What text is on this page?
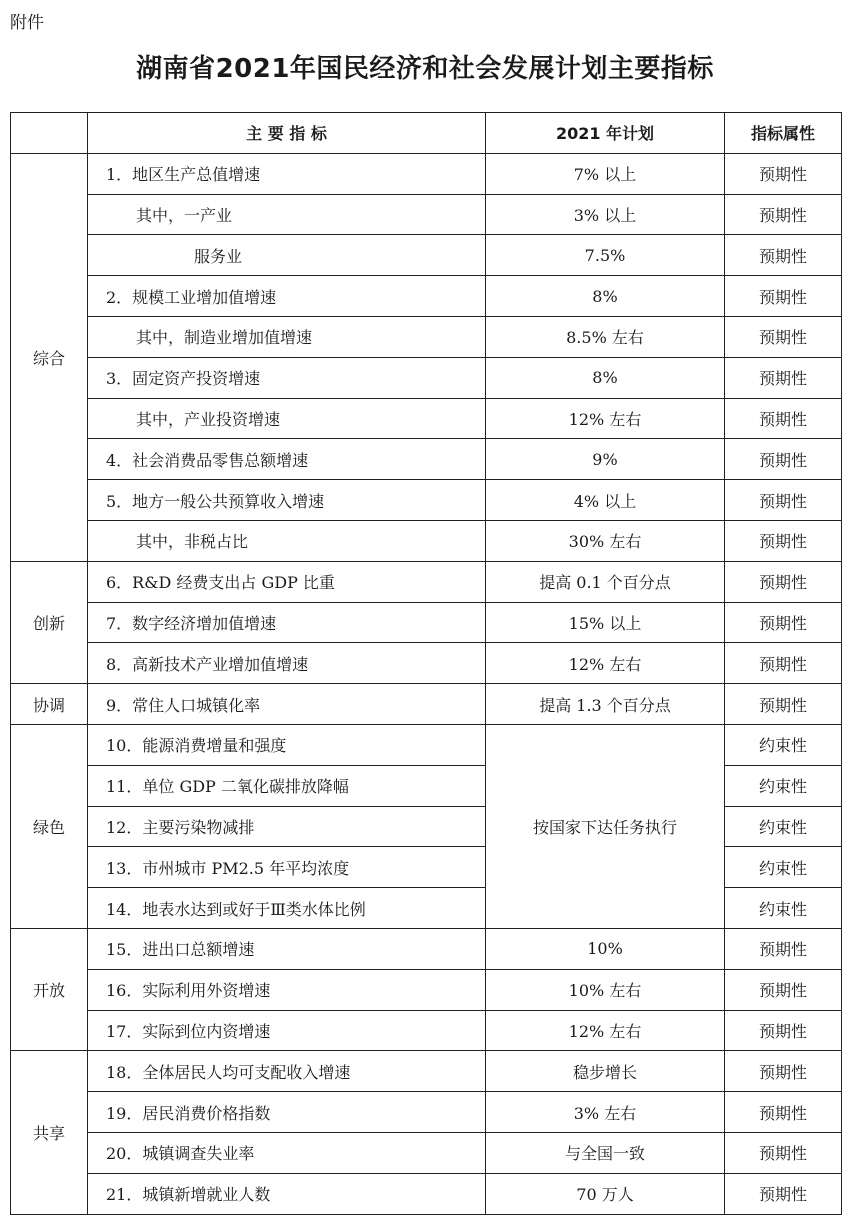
附件
湖南省2021年国民经济和社会发展计划主要指标
	主 要 指 标	2021 年计划	指标属性
综合	1．地区生产总值增速	7% 以上	预期性
	其中，一产业	3% 以上	预期性
	服务业	7.5%	预期性
	2．规模工业增加值增速	8%	预期性
	其中，制造业增加值增速	8.5% 左右	预期性
	3．固定资产投资增速	8%	预期性
	其中，产业投资增速	12% 左右	预期性
	4．社会消费品零售总额增速	9%	预期性
	5．地方一般公共预算收入增速	4% 以上	预期性
	其中，非税占比	30% 左右	预期性
创新	6．R&D 经费支出占 GDP 比重	提高 0.1 个百分点	预期性
	7．数字经济增加值增速	15% 以上	预期性
	8．高新技术产业增加值增速	12% 左右	预期性
协调	9．常住人口城镇化率	提高 1.3 个百分点	预期性
绿色	10．能源消费增量和强度	按国家下达任务执行	约束性
	11．单位 GDP 二氧化碳排放降幅		约束性
	12．主要污染物减排		约束性
	13．市州城市 PM2.5 年平均浓度		约束性
	14．地表水达到或好于Ⅲ类水体比例		约束性
开放	15．进出口总额增速	10%	预期性
	16．实际利用外资增速	10% 左右	预期性
	17．实际到位内资增速	12% 左右	预期性
共享	18．全体居民人均可支配收入增速	稳步增长	预期性
	19．居民消费价格指数	3% 左右	预期性
	20．城镇调查失业率	与全国一致	预期性
	21．城镇新增就业人数	70 万人	预期性
